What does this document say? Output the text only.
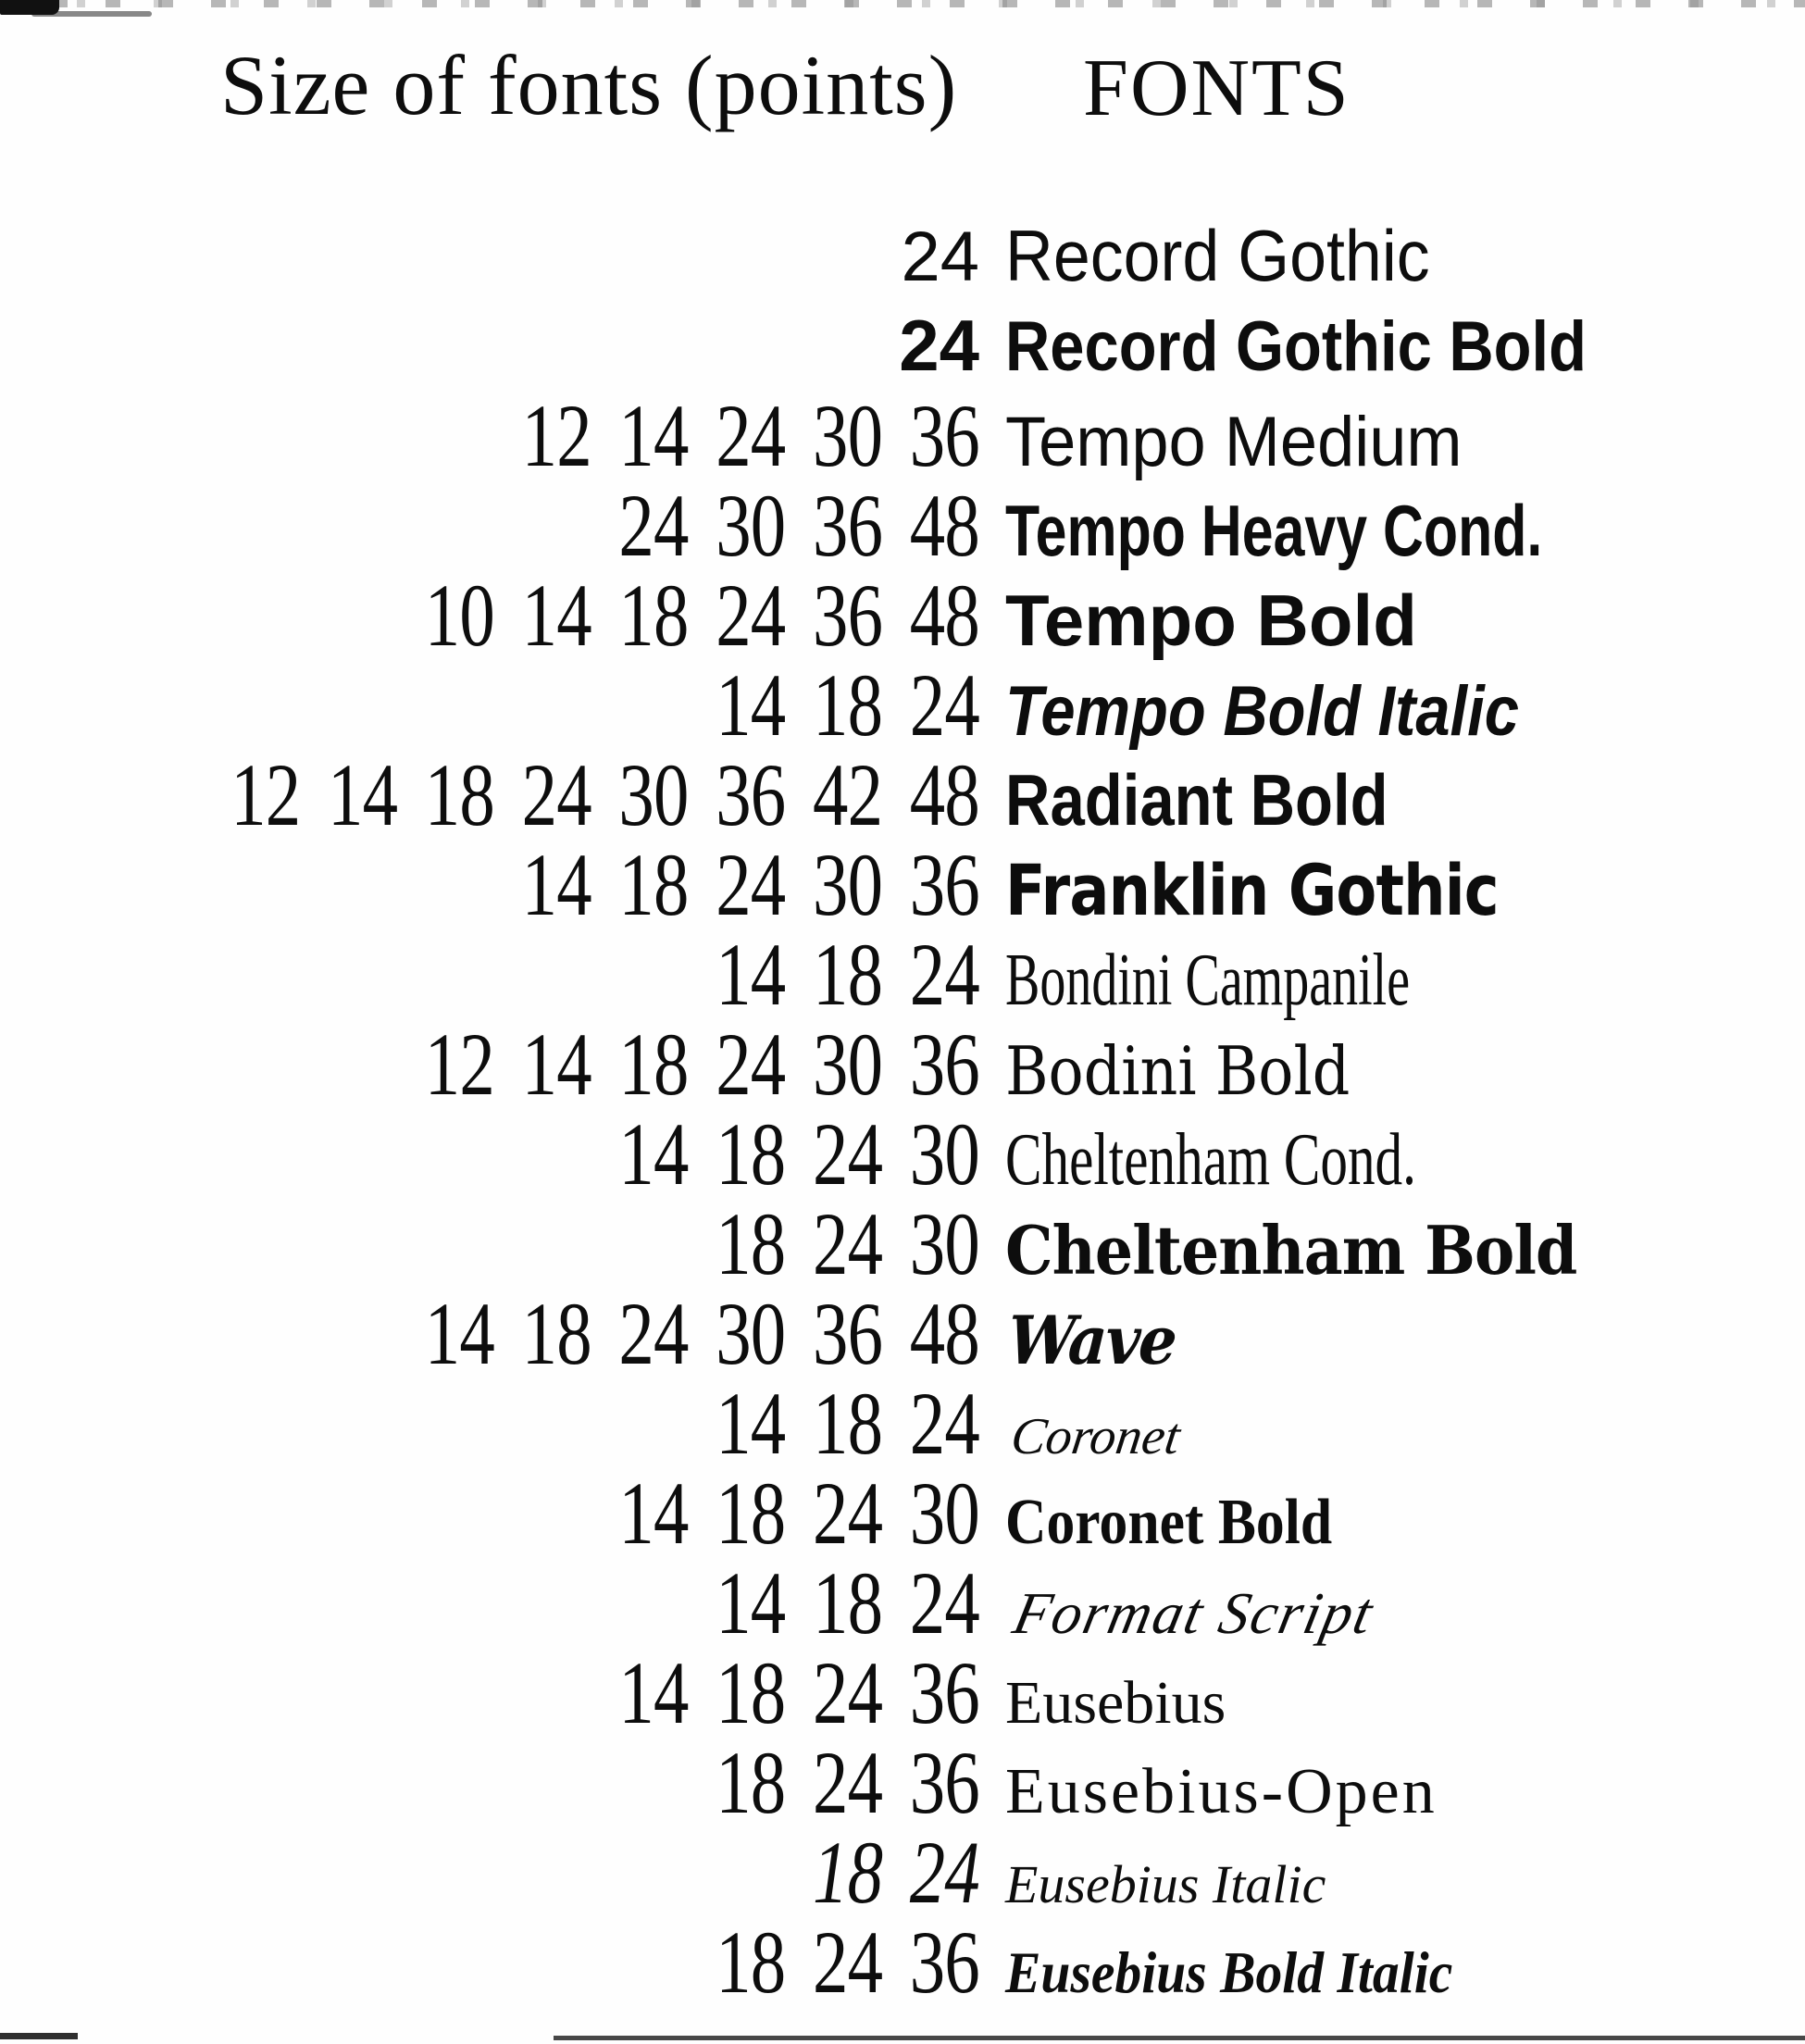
Size of fonts (points) FONTS
24 Record Gothic
24 Record Gothic Bold
12 14 24 30 36 Tempo Medium
24 30 36 48 Tempo Heavy Cond.
10 14 18 24 36 48 Tempo Bold
14 18 24 Tempo Bold Italic
12 14 18 24 30 36 42 48 Radiant Bold
14 18 24 30 36 Franklin Gothic
14 18 24 Bondini Campanile
12 14 18 24 30 36 Bodini Bold
14 18 24 30 Cheltenham Cond.
18 24 30 Cheltenham Bold
14 18 24 30 36 48 Wave
14 18 24 Coronet
14 18 24 30 Coronet Bold
14 18 24 Format Script
14 18 24 36 Eusebius
18 24 36 Eusebius-Open
18 24 Eusebius Italic
18 24 36 Eusebius Bold Italic
